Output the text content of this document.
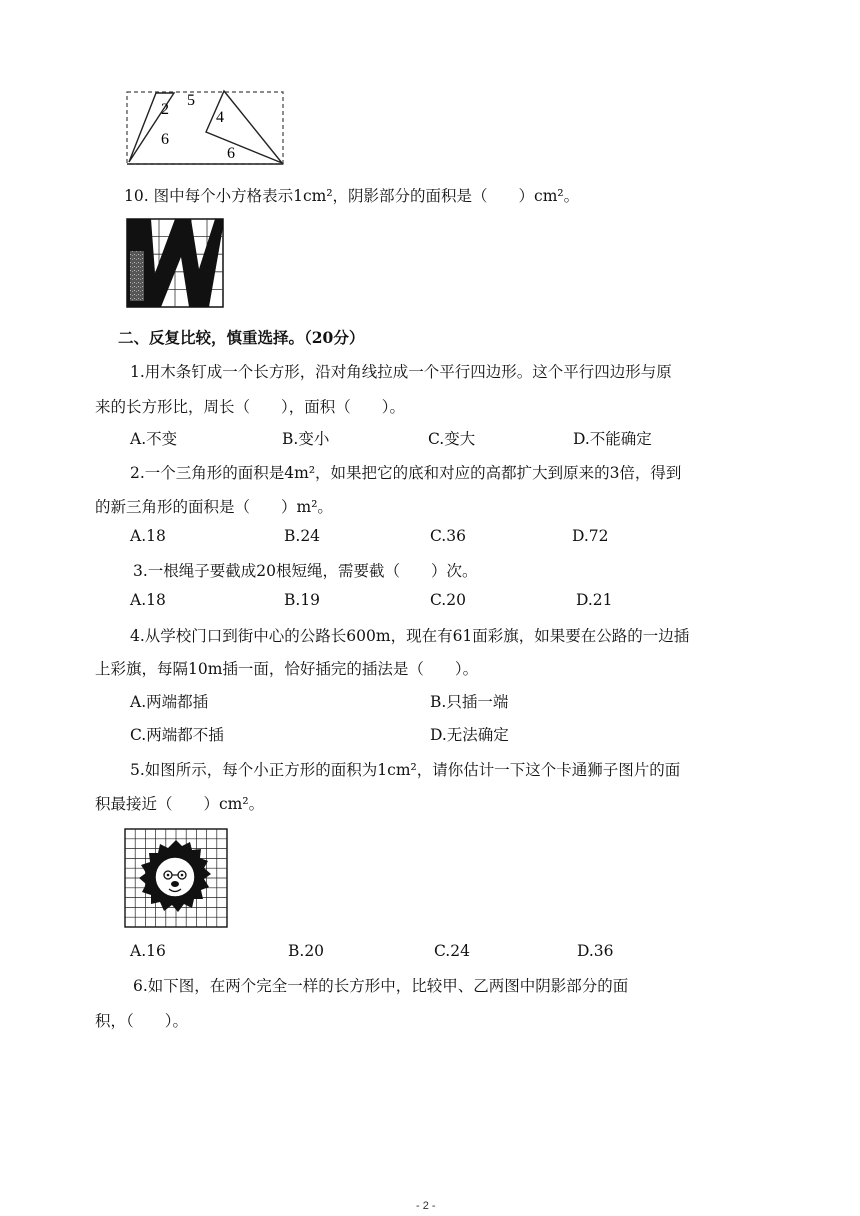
2
5
6
4
6
10. 图中每个小方格表示1cm²，阴影部分的面积是（　　）cm²。
二、反复比较，慎重选择。（20分）
1.用木条钉成一个长方形，沿对角线拉成一个平行四边形。这个平行四边形与原
来的长方形比，周长（　　），面积（　　）。
A.不变	B.变小	C.变大	D.不能确定
2.一个三角形的面积是4m²，如果把它的底和对应的高都扩大到原来的3倍，得到
的新三角形的面积是（　　）m²。
A.18	B.24	C.36	D.72
3.一根绳子要截成20根短绳，需要截（　　）次。
A.18	B.19	C.20	D.21
4.从学校门口到街中心的公路长600m，现在有61面彩旗，如果要在公路的一边插
上彩旗，每隔10m插一面，恰好插完的插法是（　　）。
A.两端都插	B.只插一端
C.两端都不插	D.无法确定
5.如图所示，每个小正方形的面积为1cm²，请你估计一下这个卡通狮子图片的面
积最接近（　　）cm²。
A.16	B.20	C.24	D.36
6.如下图，在两个完全一样的长方形中，比较甲、乙两图中阴影部分的面
积，（　　）。
- 2 -
